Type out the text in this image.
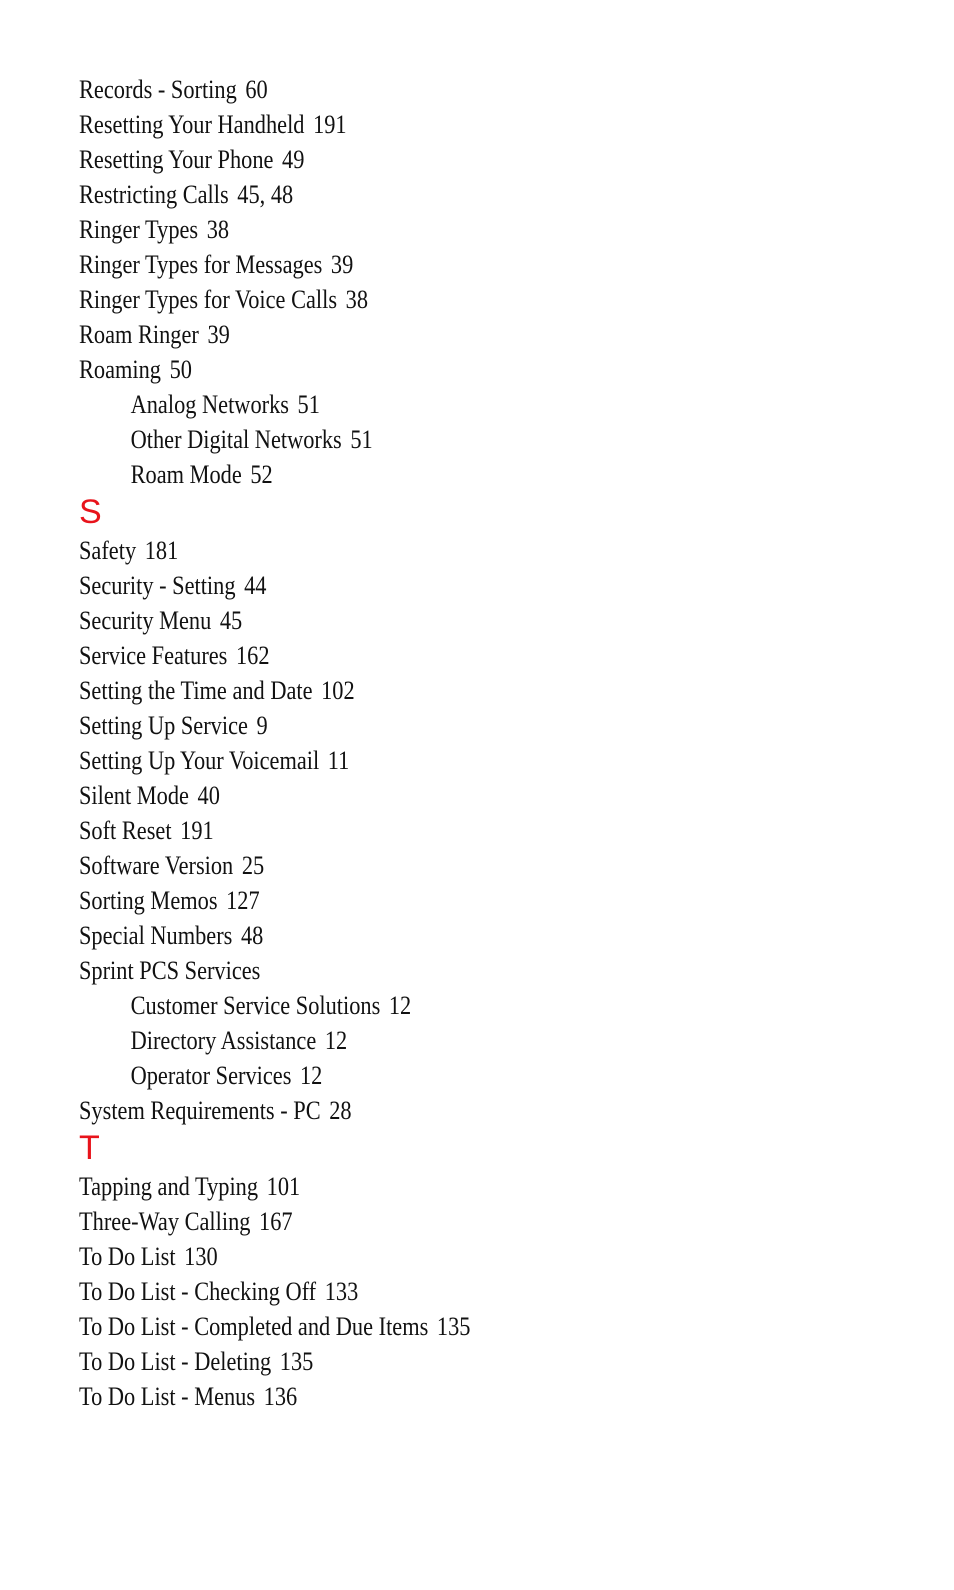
Records - Sorting 60
Resetting Your Handheld 191
Resetting Your Phone 49
Restricting Calls 45, 48
Ringer Types 38
Ringer Types for Messages 39
Ringer Types for Voice Calls 38
Roam Ringer 39
Roaming 50
Analog Networks 51
Other Digital Networks 51
Roam Mode 52
S
Safety 181
Security - Setting 44
Security Menu 45
Service Features 162
Setting the Time and Date 102
Setting Up Service 9
Setting Up Your Voicemail 11
Silent Mode 40
Soft Reset 191
Software Version 25
Sorting Memos 127
Special Numbers 48
Sprint PCS Services
Customer Service Solutions 12
Directory Assistance 12
Operator Services 12
System Requirements - PC 28
T
Tapping and Typing 101
Three-Way Calling 167
To Do List 130
To Do List - Checking Off 133
To Do List - Completed and Due Items 135
To Do List - Deleting 135
To Do List - Menus 136
